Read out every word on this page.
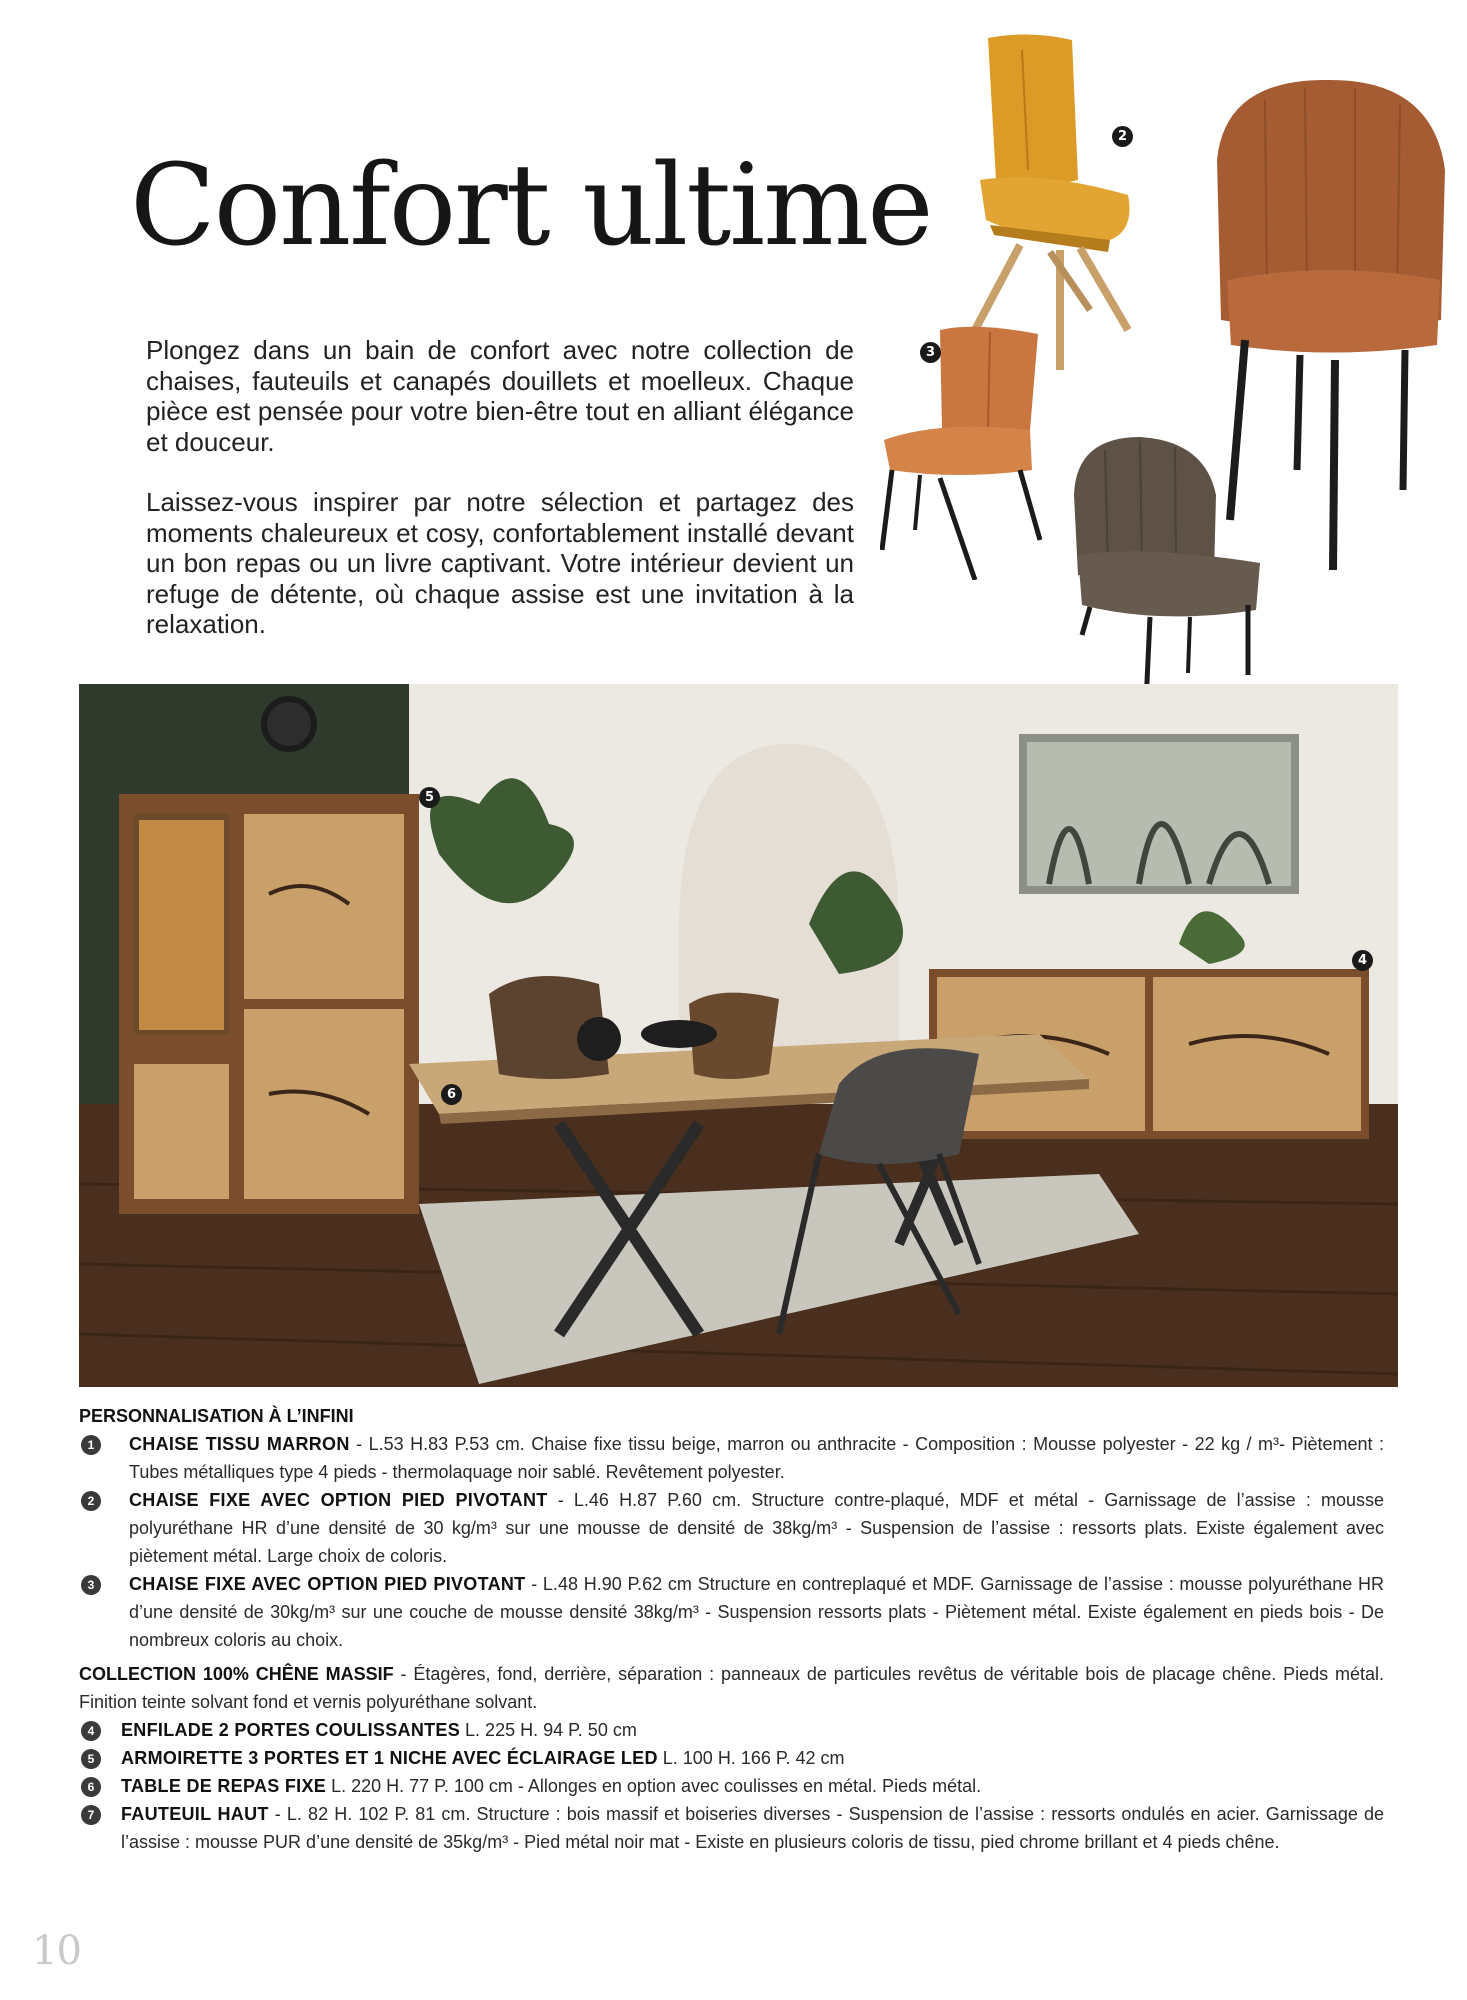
Confort ultime

Plongez dans un bain de confort avec notre collection de chaises, fauteuils et canapés douillets et moelleux. Chaque pièce est pensée pour votre bien-être tout en alliant élégance et douceur.

Laissez-vous inspirer par notre sélection et partagez des moments chaleureux et cosy, confortablement installé devant un bon repas ou un livre captivant. Votre intérieur devient un refuge de détente, où chaque assise est une invitation à la relaxation.

2
3
5
4
6

PERSONNALISATION À L’INFINI

1	CHAISE TISSU MARRON - L.53 H.83 P.53 cm. Chaise fixe tissu beige, marron ou anthracite - Composition : Mousse polyester - 22 kg / m³- Piètement : Tubes métalliques type 4 pieds - thermolaquage noir sablé. Revêtement polyester.
2	CHAISE FIXE AVEC OPTION PIED PIVOTANT - L.46 H.87 P.60 cm. Structure contre-plaqué, MDF et métal - Garnissage de l’assise : mousse polyuréthane HR d’une densité de 30 kg/m³ sur une mousse de densité de 38kg/m³ - Suspension de l’assise : ressorts plats. Existe également avec piètement métal. Large choix de coloris.
3	CHAISE FIXE AVEC OPTION PIED PIVOTANT - L.48 H.90 P.62 cm Structure en contreplaqué et MDF. Garnissage de l’assise : mousse polyuréthane HR d’une densité de 30kg/m³ sur une couche de mousse densité 38kg/m³ - Suspension ressorts plats - Piètement métal. Existe également en pieds bois - De nombreux coloris au choix.
COLLECTION 100% CHÊNE MASSIF - Étagères, fond, derrière, séparation : panneaux de particules revêtus de véritable bois de placage chêne. Pieds métal. Finition teinte solvant fond et vernis polyuréthane solvant.
4	ENFILADE 2 PORTES COULISSANTES L. 225 H. 94 P. 50 cm
5	ARMOIRETTE 3 PORTES ET 1 NICHE AVEC ÉCLAIRAGE LED L. 100 H. 166 P. 42 cm
6	TABLE DE REPAS FIXE L. 220 H. 77 P. 100 cm - Allonges en option avec coulisses en métal. Pieds métal.
7	FAUTEUIL HAUT - L. 82 H. 102 P. 81 cm. Structure : bois massif et boiseries diverses - Suspension de l’assise : ressorts ondulés en acier. Garnissage de l’assise : mousse PUR d’une densité de 35kg/m³ - Pied métal noir mat - Existe en plusieurs coloris de tissu, pied chrome brillant et 4 pieds chêne.
10
